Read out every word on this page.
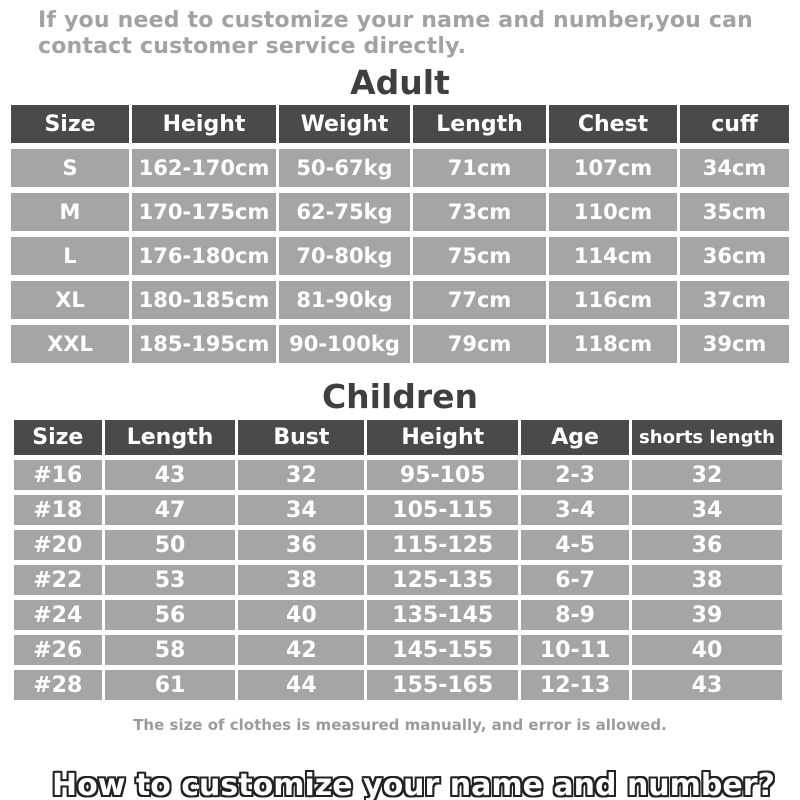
If you need to customize your name and number,you can contact customer service directly.
Adult
Size	Height	Weight	Length	Chest	cuff
S	162-170cm	50-67kg	71cm	107cm	34cm
M	170-175cm	62-75kg	73cm	110cm	35cm
L	176-180cm	70-80kg	75cm	114cm	36cm
XL	180-185cm	81-90kg	77cm	116cm	37cm
XXL	185-195cm	90-100kg	79cm	118cm	39cm
Children
Size	Length	Bust	Height	Age	shorts length
#16	43	32	95-105	2-3	32
#18	47	34	105-115	3-4	34
#20	50	36	115-125	4-5	36
#22	53	38	125-135	6-7	38
#24	56	40	135-145	8-9	39
#26	58	42	145-155	10-11	40
#28	61	44	155-165	12-13	43
The size of clothes is measured manually, and error is allowed.
How to customize your name and number?
